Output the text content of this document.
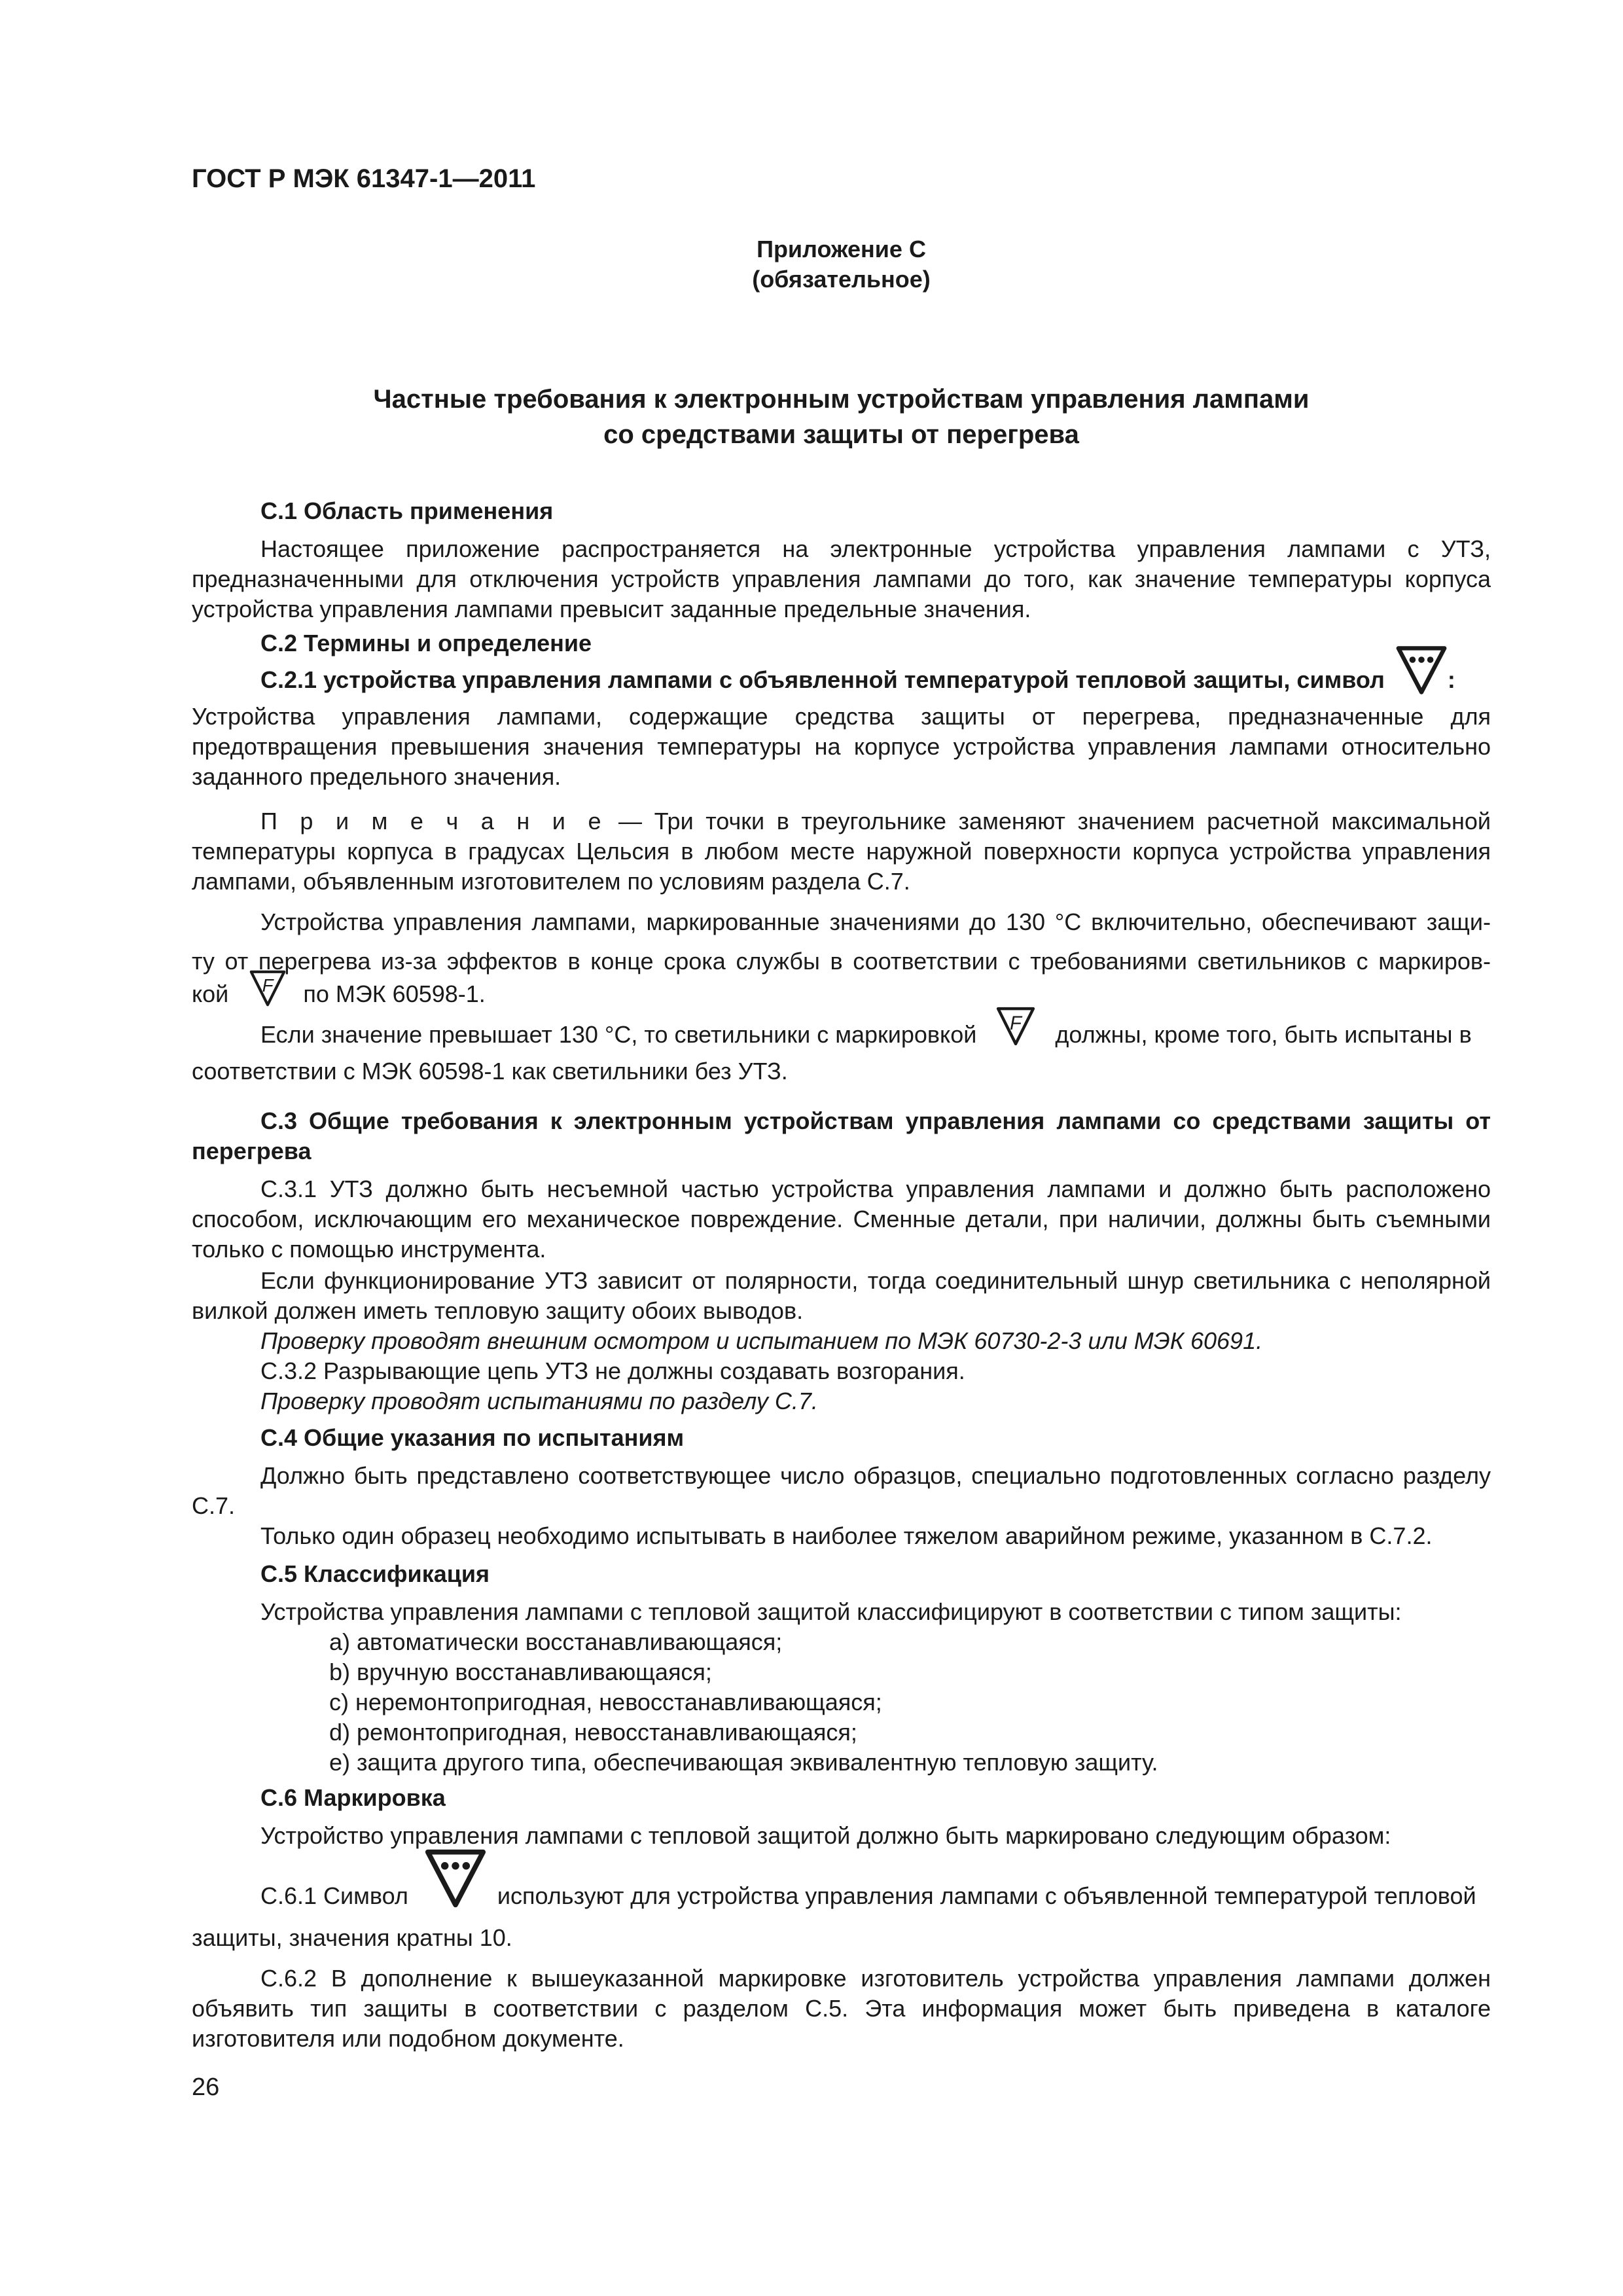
ГОСТ Р МЭК 61347-1—2011
Приложение С
(обязательное)
Частные требования к электронным устройствам управления лампами
со средствами защиты от перегрева
С.1 Область применения
Настоящее приложение распространяется на электронные устройства управления лампами с УТЗ, предназначенными для отключения устройств управления лампами до того, как значение температуры корпуса устройства управления лампами превысит заданные предельные значения.
С.2 Термины и определение
С.2.1 устройства управления лампами с объявленной температурой тепловой защиты, символ	:
Устройства управления лампами, содержащие средства защиты от перегрева, предназначенные для предотвращения превышения значения температуры на корпусе устройства управления лампами относительно заданного предельного значения.
П р и м е ч а н и е — Три точки в треугольнике заменяют значением расчетной максимальной температуры корпуса в градусах Цельсия в любом месте наружной поверхности корпуса устройства управления лампами, объявленным изготовителем по условиям раздела С.7.
Устройства управления лампами, маркированные значениями до 130 °С включительно, обеспечивают защи-
ту от перегрева из-за эффектов в конце срока службы в соответствии с требованиями светильников с маркиров-
кой F по МЭК 60598-1.
Если значение превышает 130 °С, то светильники с маркировкой F должны, кроме того, быть испытаны в
соответствии с МЭК 60598-1 как светильники без УТЗ.
С.3 Общие требования к электронным устройствам управления лампами со средствами защиты от перегрева
С.3.1 УТЗ должно быть несъемной частью устройства управления лампами и должно быть расположено способом, исключающим его механическое повреждение. Сменные детали, при наличии, должны быть съемными только с помощью инструмента.
Если функционирование УТЗ зависит от полярности, тогда соединительный шнур светильника с неполярной вилкой должен иметь тепловую защиту обоих выводов.
Проверку проводят внешним осмотром и испытанием по МЭК 60730-2-3 или МЭК 60691.
С.3.2 Разрывающие цепь УТЗ не должны создавать возгорания.
Проверку проводят испытаниями по разделу С.7.
С.4 Общие указания по испытаниям
Должно быть представлено соответствующее число образцов, специально подготовленных согласно разделу С.7.
Только один образец необходимо испытывать в наиболее тяжелом аварийном режиме, указанном в С.7.2.
С.5 Классификация
Устройства управления лампами с тепловой защитой классифицируют в соответствии с типом защиты:
a) автоматически восстанавливающаяся;
b) вручную восстанавливающаяся;
c) неремонтопригодная, невосстанавливающаяся;
d) ремонтопригодная, невосстанавливающаяся;
e) защита другого типа, обеспечивающая эквивалентную тепловую защиту.
С.6 Маркировка
Устройство управления лампами с тепловой защитой должно быть маркировано следующим образом:
С.6.1 Символ	используют для устройства управления лампами с объявленной температурой тепловой
защиты, значения кратны 10.
С.6.2 В дополнение к вышеуказанной маркировке изготовитель устройства управления лампами должен объявить тип защиты в соответствии с разделом С.5. Эта информация может быть приведена в каталоге изготовителя или подобном документе.
26
